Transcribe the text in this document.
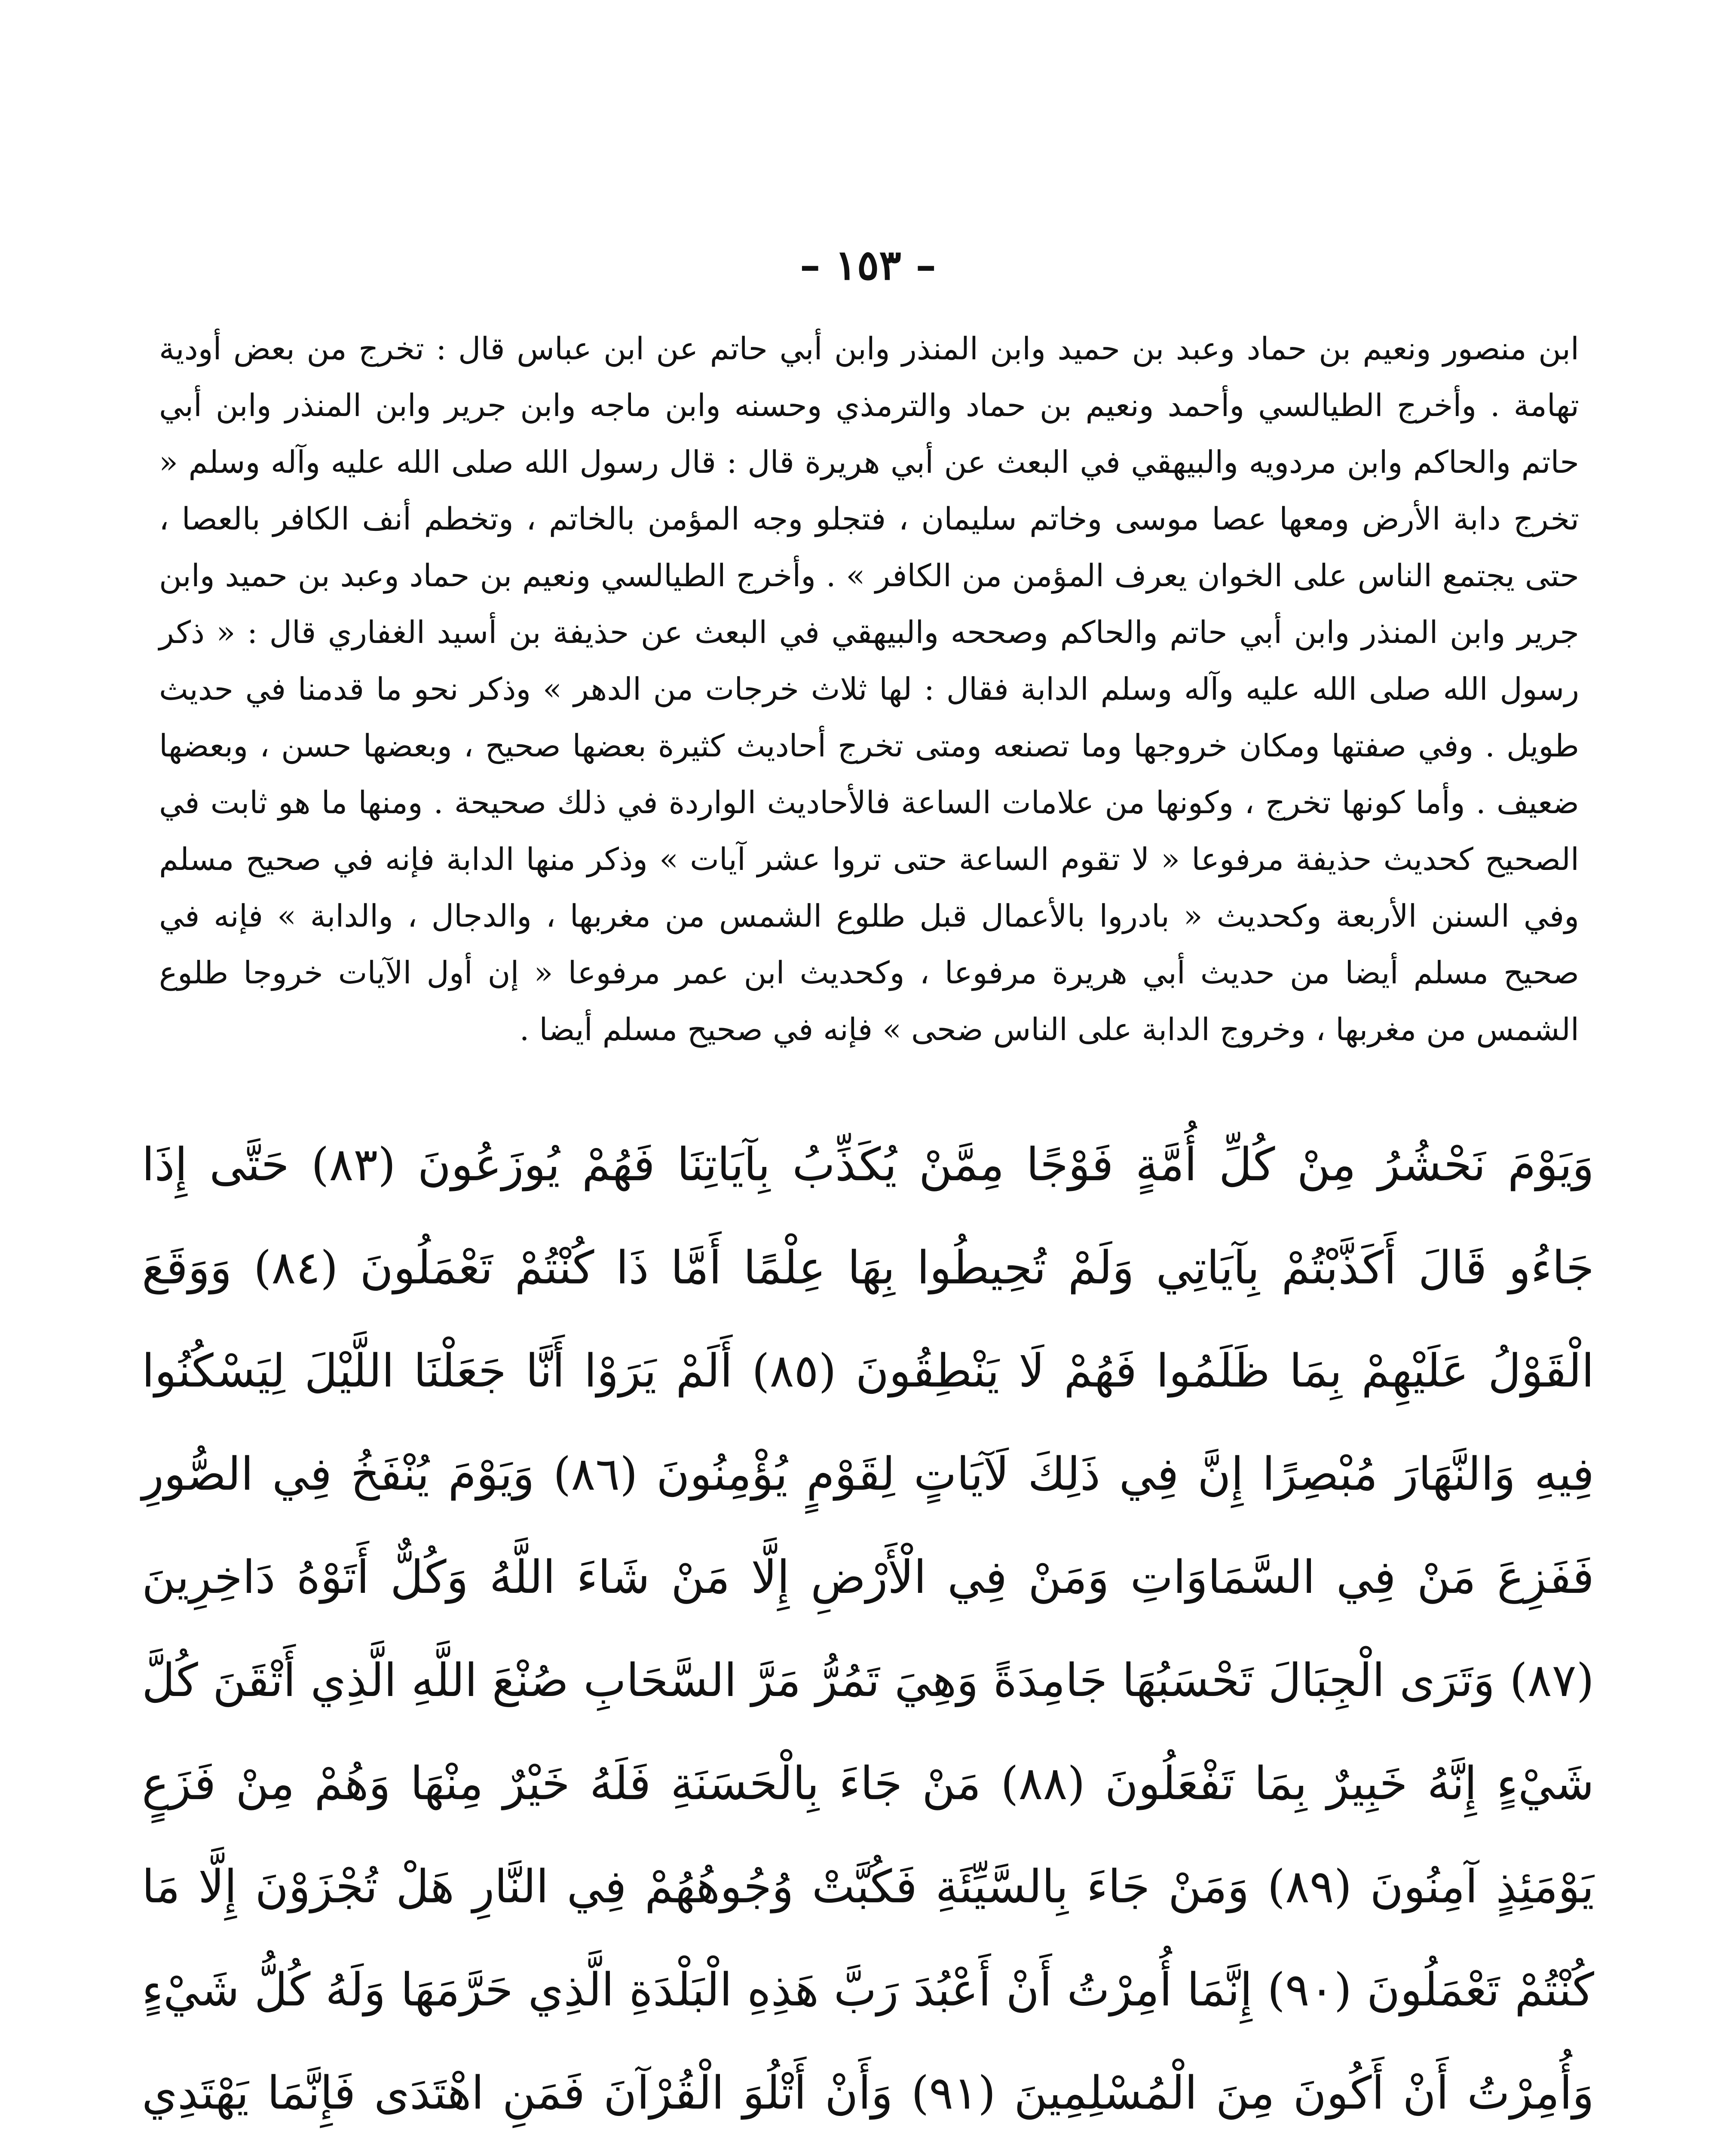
– ١٥٣ –

ابن منصور ونعيم بن حماد وعبد بن حميد وابن المنذر وابن أبي حاتم عن ابن عباس قال : تخرج من بعض أودية تهامة . وأخرج الطيالسي وأحمد ونعيم بن حماد والترمذي وحسنه وابن ماجه وابن جرير وابن المنذر وابن أبي حاتم والحاكم وابن مردويه والبيهقي في البعث عن أبي هريرة قال : قال رسول الله صلى الله عليه وآله وسلم « تخرج دابة الأرض ومعها عصا موسى وخاتم سليمان ، فتجلو وجه المؤمن بالخاتم ، وتخطم أنف الكافر بالعصا ، حتى يجتمع الناس على الخوان يعرف المؤمن من الكافر » . وأخرج الطيالسي ونعيم بن حماد وعبد بن حميد وابن جرير وابن المنذر وابن أبي حاتم والحاكم وصححه والبيهقي في البعث عن حذيفة بن أسيد الغفاري قال : « ذكر رسول الله صلى الله عليه وآله وسلم الدابة فقال : لها ثلاث خرجات من الدهر » وذكر نحو ما قدمنا في حديث طويل . وفي صفتها ومكان خروجها وما تصنعه ومتى تخرج أحاديث كثيرة بعضها صحيح ، وبعضها حسن ، وبعضها ضعيف . وأما كونها تخرج ، وكونها من علامات الساعة فالأحاديث الواردة في ذلك صحيحة . ومنها ما هو ثابت في الصحيح كحديث حذيفة مرفوعا « لا تقوم الساعة حتى تروا عشر آيات » وذكر منها الدابة فإنه في صحيح مسلم وفي السنن الأربعة وكحديث « بادروا بالأعمال قبل طلوع الشمس من مغربها ، والدجال ، والدابة » فإنه في صحيح مسلم أيضا من حديث أبي هريرة مرفوعا ، وكحديث ابن عمر مرفوعا « إن أول الآيات خروجا طلوع الشمس من مغربها ، وخروج الدابة على الناس ضحى » فإنه في صحيح مسلم أيضا .

وَيَوْمَ نَحْشُرُ مِنْ كُلِّ أُمَّةٍ فَوْجًا مِمَّنْ يُكَذِّبُ بِآيَاتِنَا فَهُمْ يُوزَعُونَ (٨٣) حَتَّى إِذَا جَاءُو قَالَ أَكَذَّبْتُمْ بِآيَاتِي وَلَمْ تُحِيطُوا بِهَا عِلْمًا أَمَّا ذَا كُنْتُمْ تَعْمَلُونَ (٨٤) وَوَقَعَ الْقَوْلُ عَلَيْهِمْ بِمَا ظَلَمُوا فَهُمْ لَا يَنْطِقُونَ (٨٥) أَلَمْ يَرَوْا أَنَّا جَعَلْنَا اللَّيْلَ لِيَسْكُنُوا فِيهِ وَالنَّهَارَ مُبْصِرًا إِنَّ فِي ذَلِكَ لَآيَاتٍ لِقَوْمٍ يُؤْمِنُونَ (٨٦) وَيَوْمَ يُنْفَخُ فِي الصُّورِ فَفَزِعَ مَنْ فِي السَّمَاوَاتِ وَمَنْ فِي الْأَرْضِ إِلَّا مَنْ شَاءَ اللَّهُ وَكُلٌّ أَتَوْهُ دَاخِرِينَ (٨٧) وَتَرَى الْجِبَالَ تَحْسَبُهَا جَامِدَةً وَهِيَ تَمُرُّ مَرَّ السَّحَابِ صُنْعَ اللَّهِ الَّذِي أَتْقَنَ كُلَّ شَيْءٍ إِنَّهُ خَبِيرٌ بِمَا تَفْعَلُونَ (٨٨) مَنْ جَاءَ بِالْحَسَنَةِ فَلَهُ خَيْرٌ مِنْهَا وَهُمْ مِنْ فَزَعٍ يَوْمَئِذٍ آمِنُونَ (٨٩) وَمَنْ جَاءَ بِالسَّيِّئَةِ فَكُبَّتْ وُجُوهُهُمْ فِي النَّارِ هَلْ تُجْزَوْنَ إِلَّا مَا كُنْتُمْ تَعْمَلُونَ (٩٠) إِنَّمَا أُمِرْتُ أَنْ أَعْبُدَ رَبَّ هَذِهِ الْبَلْدَةِ الَّذِي حَرَّمَهَا وَلَهُ كُلُّ شَيْءٍ وَأُمِرْتُ أَنْ أَكُونَ مِنَ الْمُسْلِمِينَ (٩١) وَأَنْ أَتْلُوَ الْقُرْآنَ فَمَنِ اهْتَدَى فَإِنَّمَا يَهْتَدِي
